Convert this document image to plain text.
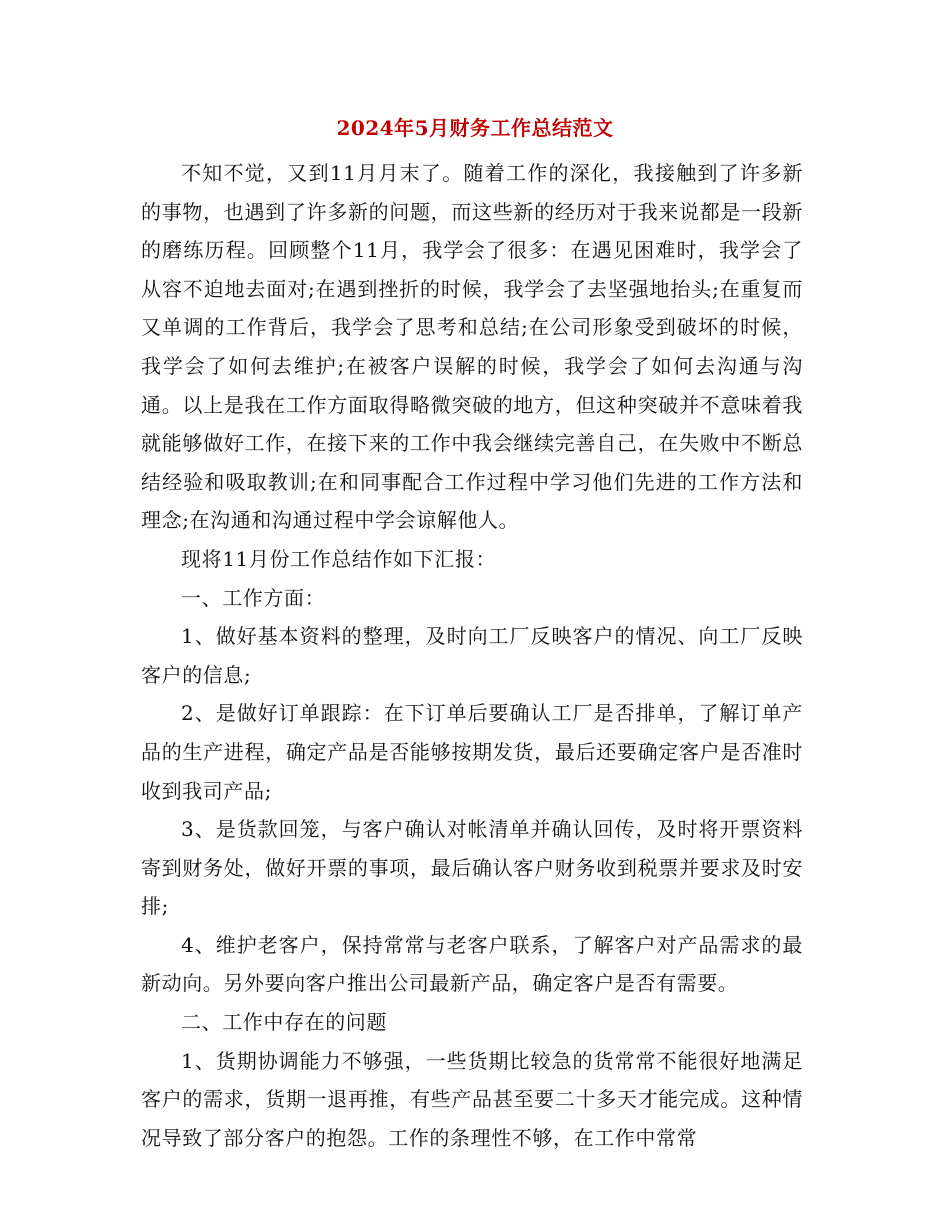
2024年5月财务工作总结范文

不知不觉，又到11月月末了。随着工作的深化，我接触到了许多新的事物，也遇到了许多新的问题，而这些新的经历对于我来说都是一段新的磨练历程。回顾整个11月，我学会了很多：在遇见困难时，我学会了从容不迫地去面对;在遇到挫折的时候，我学会了去坚强地抬头;在重复而又单调的工作背后，我学会了思考和总结;在公司形象受到破坏的时候，我学会了如何去维护;在被客户误解的时候，我学会了如何去沟通与沟通。以上是我在工作方面取得略微突破的地方，但这种突破并不意味着我就能够做好工作，在接下来的工作中我会继续完善自己，在失败中不断总结经验和吸取教训;在和同事配合工作过程中学习他们先进的工作方法和理念;在沟通和沟通过程中学会谅解他人。

现将11月份工作总结作如下汇报：

一、工作方面：

1、做好基本资料的整理，及时向工厂反映客户的情况、向工厂反映客户的信息;

2、是做好订单跟踪：在下订单后要确认工厂是否排单，了解订单产品的生产进程，确定产品是否能够按期发货，最后还要确定客户是否准时收到我司产品;

3、是货款回笼，与客户确认对帐清单并确认回传，及时将开票资料寄到财务处，做好开票的事项，最后确认客户财务收到税票并要求及时安排;

4、维护老客户，保持常常与老客户联系，了解客户对产品需求的最新动向。另外要向客户推出公司最新产品，确定客户是否有需要。

二、工作中存在的问题

1、货期协调能力不够强，一些货期比较急的货常常不能很好地满足客户的需求，货期一退再推，有些产品甚至要二十多天才能完成。这种情况导致了部分客户的抱怨。工作的条理性不够，在工作中常常
